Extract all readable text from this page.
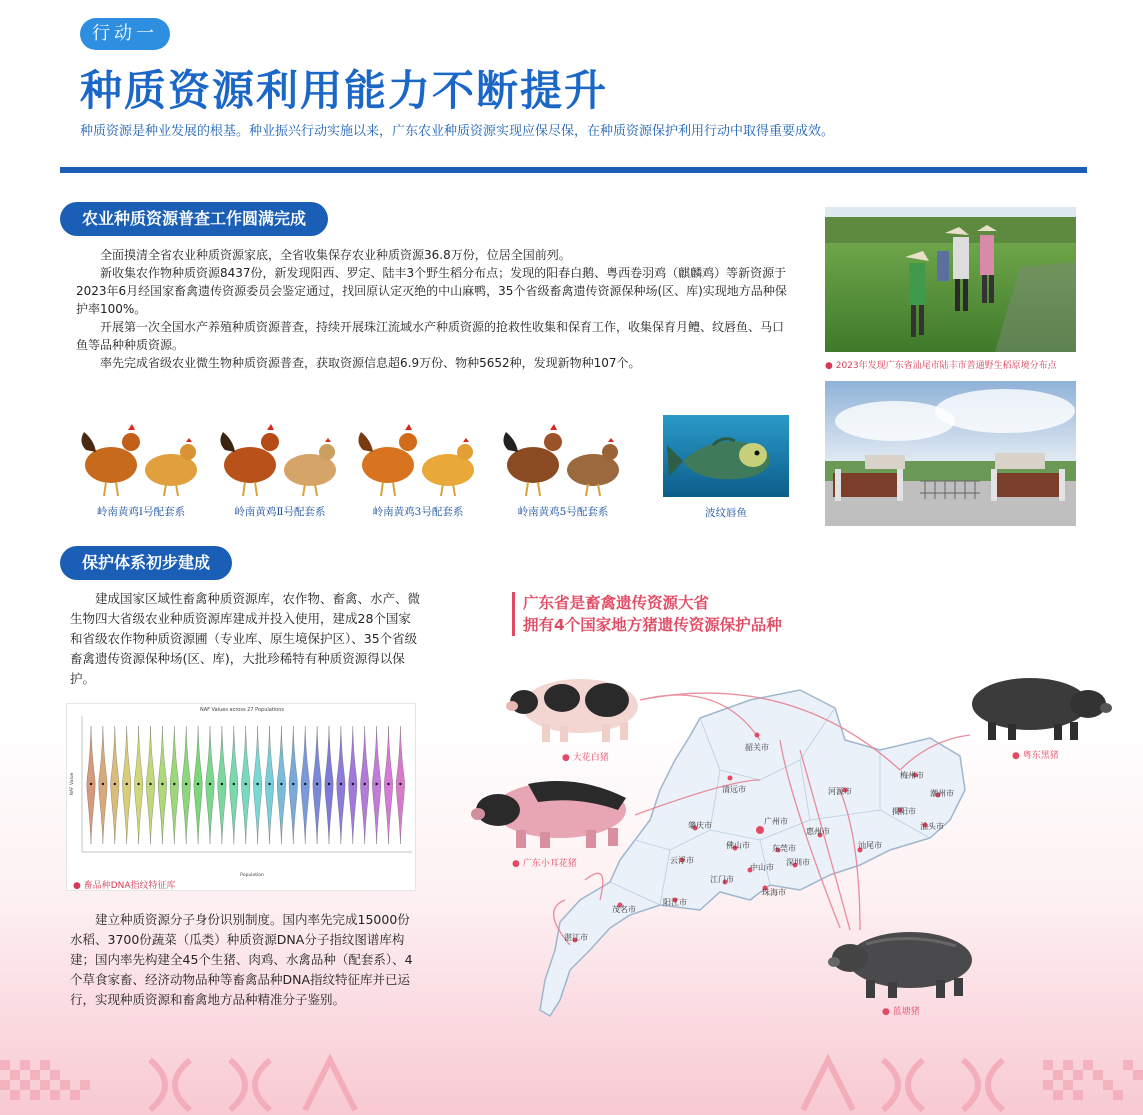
行动一
种质资源利用能力不断提升
种质资源是种业发展的根基。种业振兴行动实施以来，广东农业种质资源实现应保尽保，在种质资源保护利用行动中取得重要成效。
农业种质资源普查工作圆满完成

全面摸清全省农业种质资源家底，全省收集保存农业种质资源36.8万份，位居全国前列。

新收集农作物种质资源8437份，新发现阳西、罗定、陆丰3个野生稻分布点；发现的阳春白鹅、粤西卷羽鸡（麒麟鸡）等新资源于2023年6月经国家畜禽遗传资源委员会鉴定通过，找回原认定灭绝的中山麻鸭，35个省级畜禽遗传资源保种场(区、库)实现地方品种保护率100%。

开展第一次全国水产养殖种质资源普查，持续开展珠江流域水产种质资源的抢救性收集和保育工作，收集保育月鳢、纹唇鱼、马口鱼等品种种质资源。

率先完成省级农业微生物种质资源普查，获取资源信息超6.9万份、物种5652种，发现新物种107个。

●	2023年发现广东省汕尾市陆丰市普通野生稻原境分布点
岭南黄鸡Ⅰ号配套系	岭南黄鸡Ⅱ号配套系	岭南黄鸡3号配套系	岭南黄鸡5号配套系	波纹唇鱼
保护体系初步建成

建成国家区域性畜禽种质资源库，农作物、畜禽、水产、微生物四大省级农业种质资源库建成并投入使用，建成28个国家和省级农作物种质资源圃（专业库、原生境保护区）、35个省级畜禽遗传资源保种场(区、库)，大批珍稀特有种质资源得以保护。

NAF Values across 27 Populations
NAF Value
Population
● 畜品种DNA指纹特征库

建立种质资源分子身份识别制度。国内率先完成15000份水稻、3700份蔬菜（瓜类）种质资源DNA分子指纹图谱库构建；国内率先构建全45个生猪、肉鸡、水禽品种（配套系）、4个草食家畜、经济动物品种等畜禽品种DNA指纹特征库并已运行，实现种质资源和畜禽地方品种精准分子鉴别。

广东省是畜禽遗传资源大省
拥有4个国家地方猪遗传资源保护品种
韶关市
清远市	河源市
梅州市
潮州市
揭阳市
汕头市
肇庆市	广州市
惠州市
佛山市	东莞市
云浮市
汕尾市
中山市
深圳市
江门市
珠海市
阳江市
茂名市
湛江市
● 大花白猪
● 广东小耳花猪
● 粤东黑猪
● 蓝塘猪
